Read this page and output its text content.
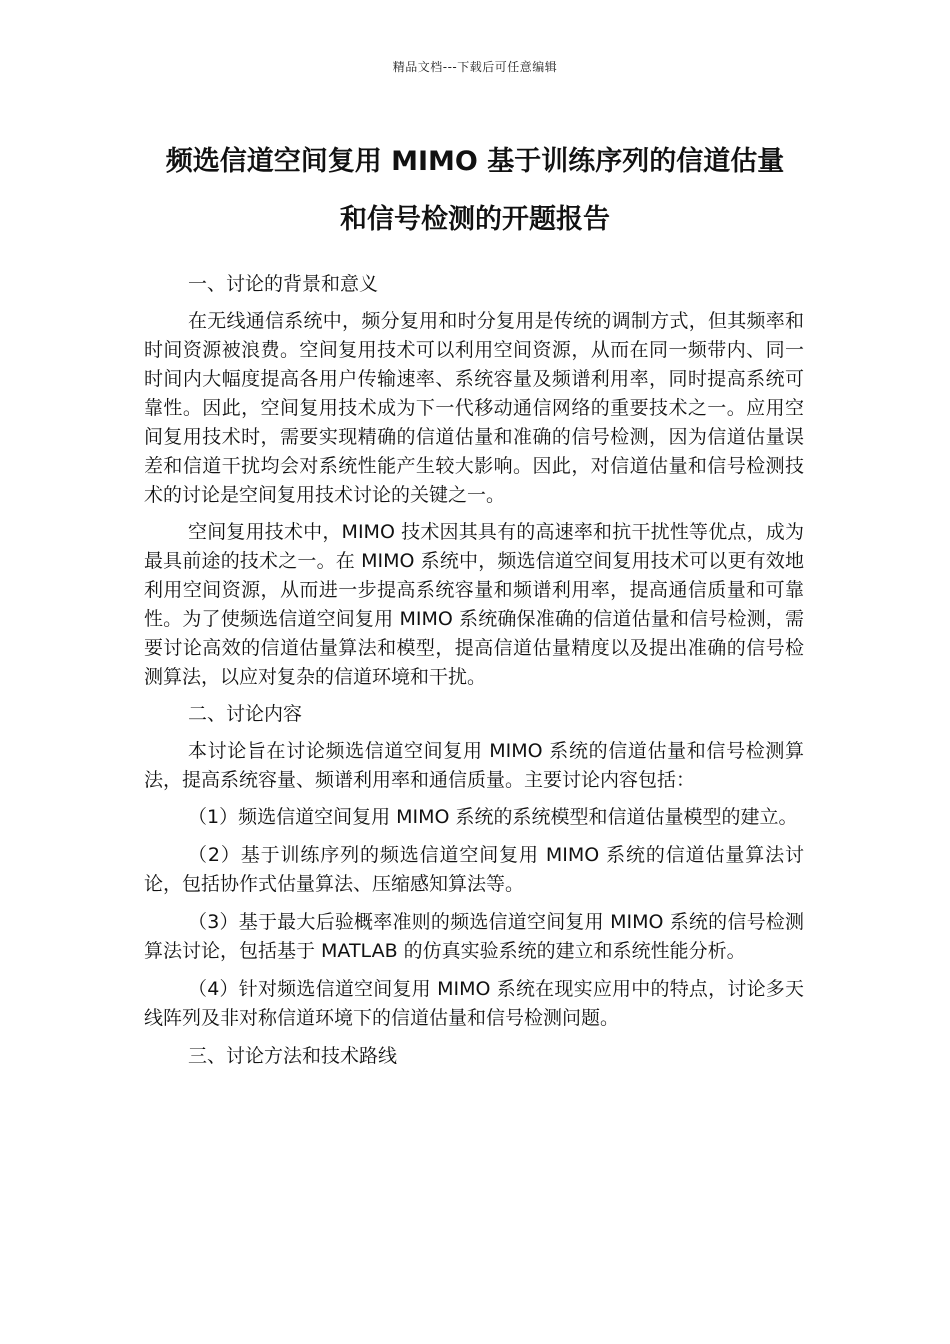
精品文档---下载后可任意编辑
频选信道空间复用 MIMO 基于训练序列的信道估量
和信号检测的开题报告

一、讨论的背景和意义

在无线通信系统中，频分复用和时分复用是传统的调制方式，但其频率和时间资源被浪费。空间复用技术可以利用空间资源，从而在同一频带内、同一时间内大幅度提高各用户传输速率、系统容量及频谱利用率，同时提高系统可靠性。因此，空间复用技术成为下一代移动通信网络的重要技术之一。应用空间复用技术时，需要实现精确的信道估量和准确的信号检测，因为信道估量误差和信道干扰均会对系统性能产生较大影响。因此，对信道估量和信号检测技术的讨论是空间复用技术讨论的关键之一。

空间复用技术中，MIMO 技术因其具有的高速率和抗干扰性等优点，成为最具前途的技术之一。在 MIMO 系统中，频选信道空间复用技术可以更有效地利用空间资源，从而进一步提高系统容量和频谱利用率，提高通信质量和可靠性。为了使频选信道空间复用 MIMO 系统确保准确的信道估量和信号检测，需要讨论高效的信道估量算法和模型，提高信道估量精度以及提出准确的信号检测算法，以应对复杂的信道环境和干扰。

二、讨论内容

本讨论旨在讨论频选信道空间复用 MIMO 系统的信道估量和信号检测算法，提高系统容量、频谱利用率和通信质量。主要讨论内容包括：

（1）频选信道空间复用 MIMO 系统的系统模型和信道估量模型的建立。

（2）基于训练序列的频选信道空间复用 MIMO 系统的信道估量算法讨论，包括协作式估量算法、压缩感知算法等。

（3）基于最大后验概率准则的频选信道空间复用 MIMO 系统的信号检测算法讨论，包括基于 MATLAB 的仿真实验系统的建立和系统性能分析。

（4）针对频选信道空间复用 MIMO 系统在现实应用中的特点，讨论多天线阵列及非对称信道环境下的信道估量和信号检测问题。

三、讨论方法和技术路线
